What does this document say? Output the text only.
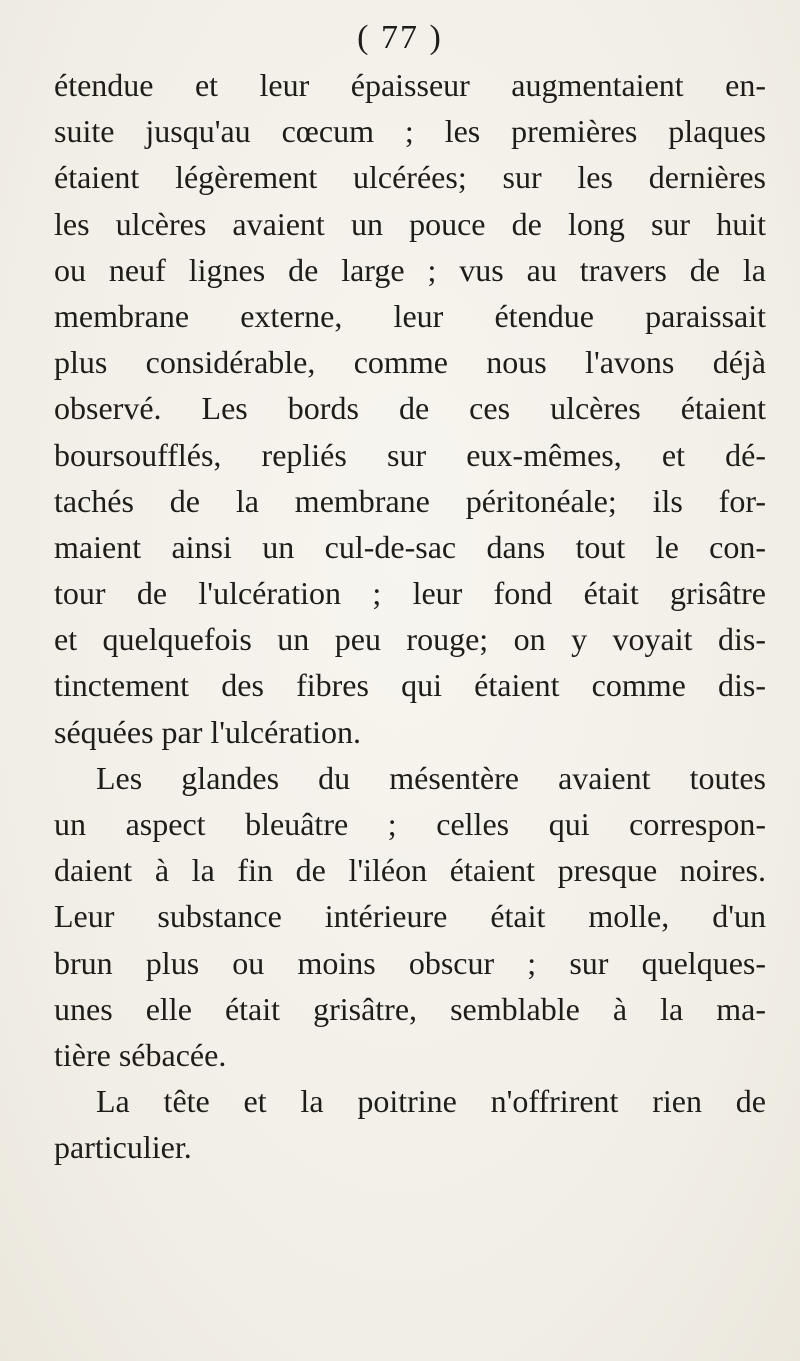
( 77 )
étendue et leur épaisseur augmentaient en-
suite jusqu'au cœcum ; les premières plaques
étaient légèrement ulcérées; sur les dernières
les ulcères avaient un pouce de long sur huit
ou neuf lignes de large ; vus au travers de la
membrane externe, leur étendue paraissait
plus considérable, comme nous l'avons déjà
observé. Les bords de ces ulcères étaient
boursoufflés, repliés sur eux-mêmes, et dé-
tachés de la membrane péritonéale; ils for-
maient ainsi un cul-de-sac dans tout le con-
tour de l'ulcération ; leur fond était grisâtre
et quelquefois un peu rouge; on y voyait dis-
tinctement des fibres qui étaient comme dis-
séquées par l'ulcération.
Les glandes du mésentère avaient toutes
un aspect bleuâtre ; celles qui correspon-
daient à la fin de l'iléon étaient presque noires.
Leur substance intérieure était molle, d'un
brun plus ou moins obscur ; sur quelques-
unes elle était grisâtre, semblable à la ma-
tière sébacée.
La tête et la poitrine n'offrirent rien de
particulier.
